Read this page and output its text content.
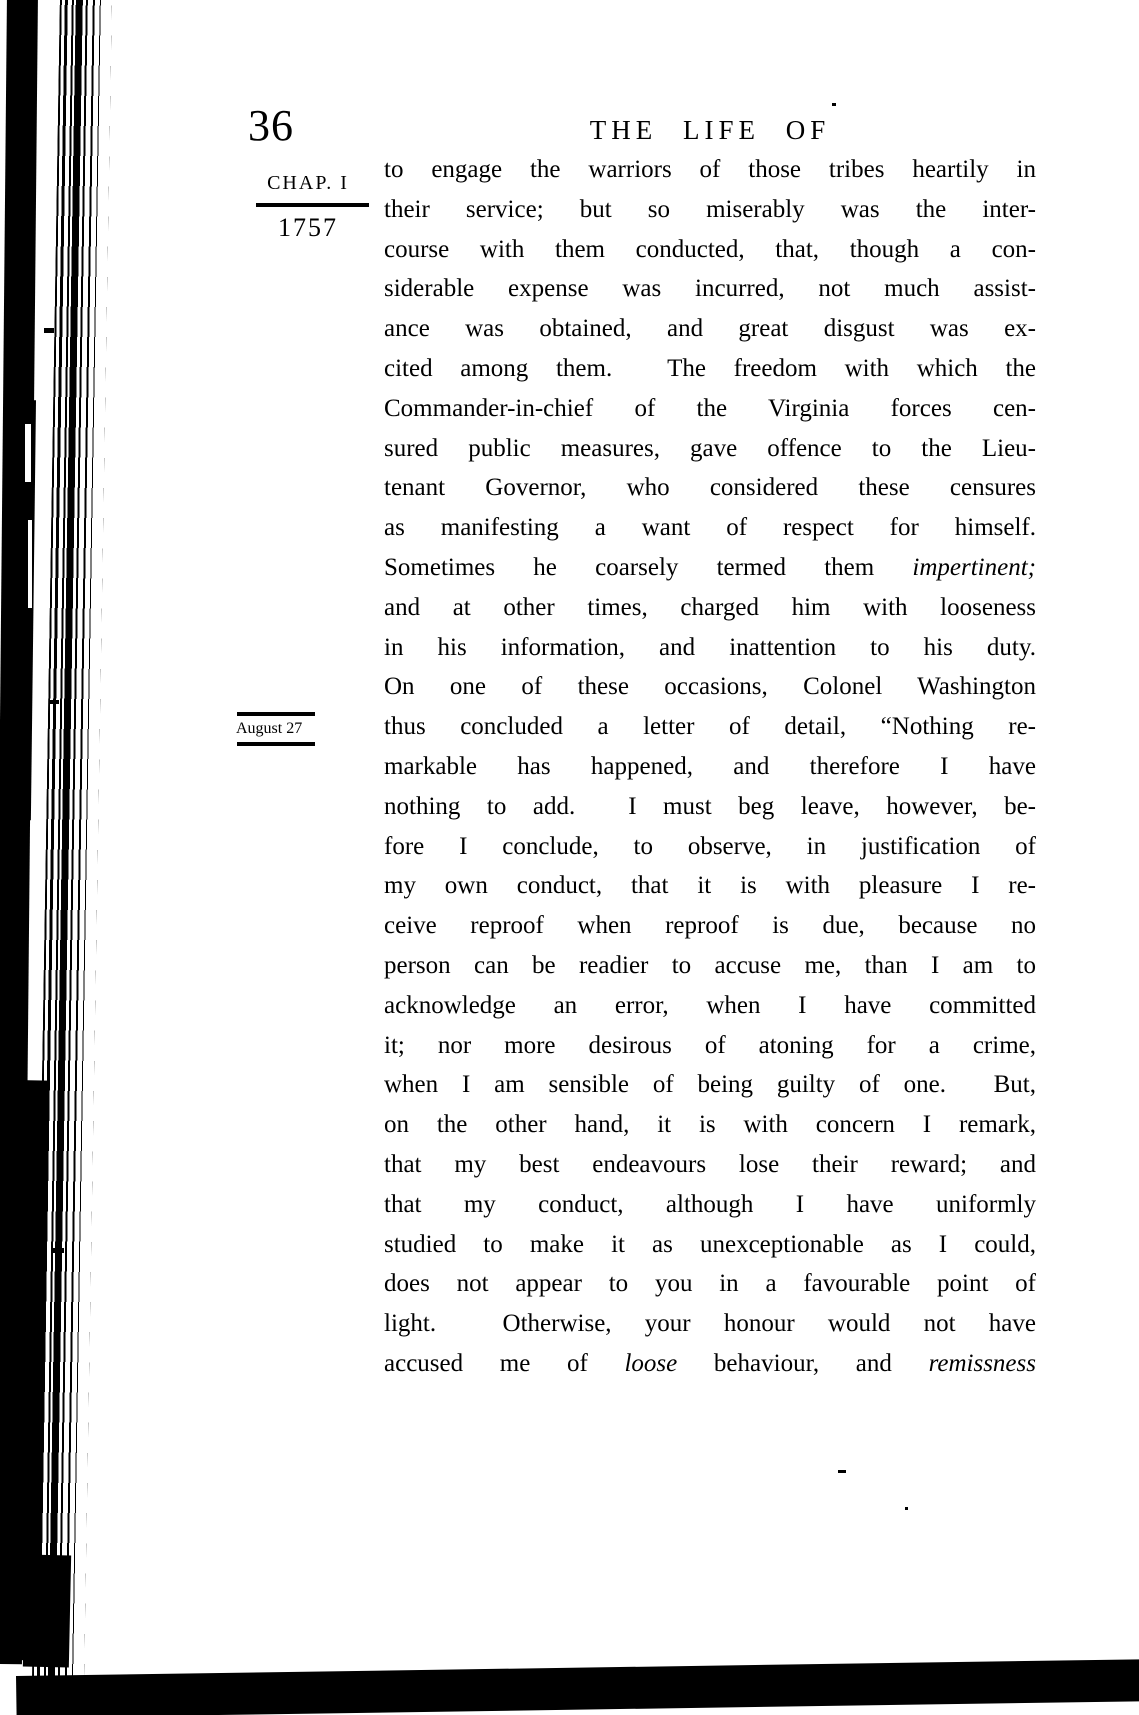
36	THE LIFE OF
CHAP. I
1757
August 27
to engage the warriors of those tribes heartily in
their service; but so miserably was the inter-
course with them conducted, that, though a con-
siderable expense was incurred, not much assist-
ance was obtained, and great disgust was ex-
cited among them.  The freedom with which the
Commander-in-chief of the Virginia forces cen-
sured public measures, gave offence to the Lieu-
tenant Governor, who considered these censures
as manifesting a want of respect for himself.
Sometimes he coarsely termed them impertinent;
and at other times, charged him with looseness
in his information, and inattention to his duty.
On one of these occasions, Colonel Washington
thus concluded a letter of detail, “Nothing re-
markable has happened, and therefore I have
nothing to add.  I must beg leave, however, be-
fore I conclude, to observe, in justification of
my own conduct, that it is with pleasure I re-
ceive reproof when reproof is due, because no
person can be readier to accuse me, than I am to
acknowledge an error, when I have committed
it; nor more desirous of atoning for a crime,
when I am sensible of being guilty of one.  But,
on the other hand, it is with concern I remark,
that my best endeavours lose their reward; and
that my conduct, although I have uniformly
studied to make it as unexceptionable as I could,
does not appear to you in a favourable point of
light.  Otherwise, your honour would not have
accused me of loose behaviour, and remissness
